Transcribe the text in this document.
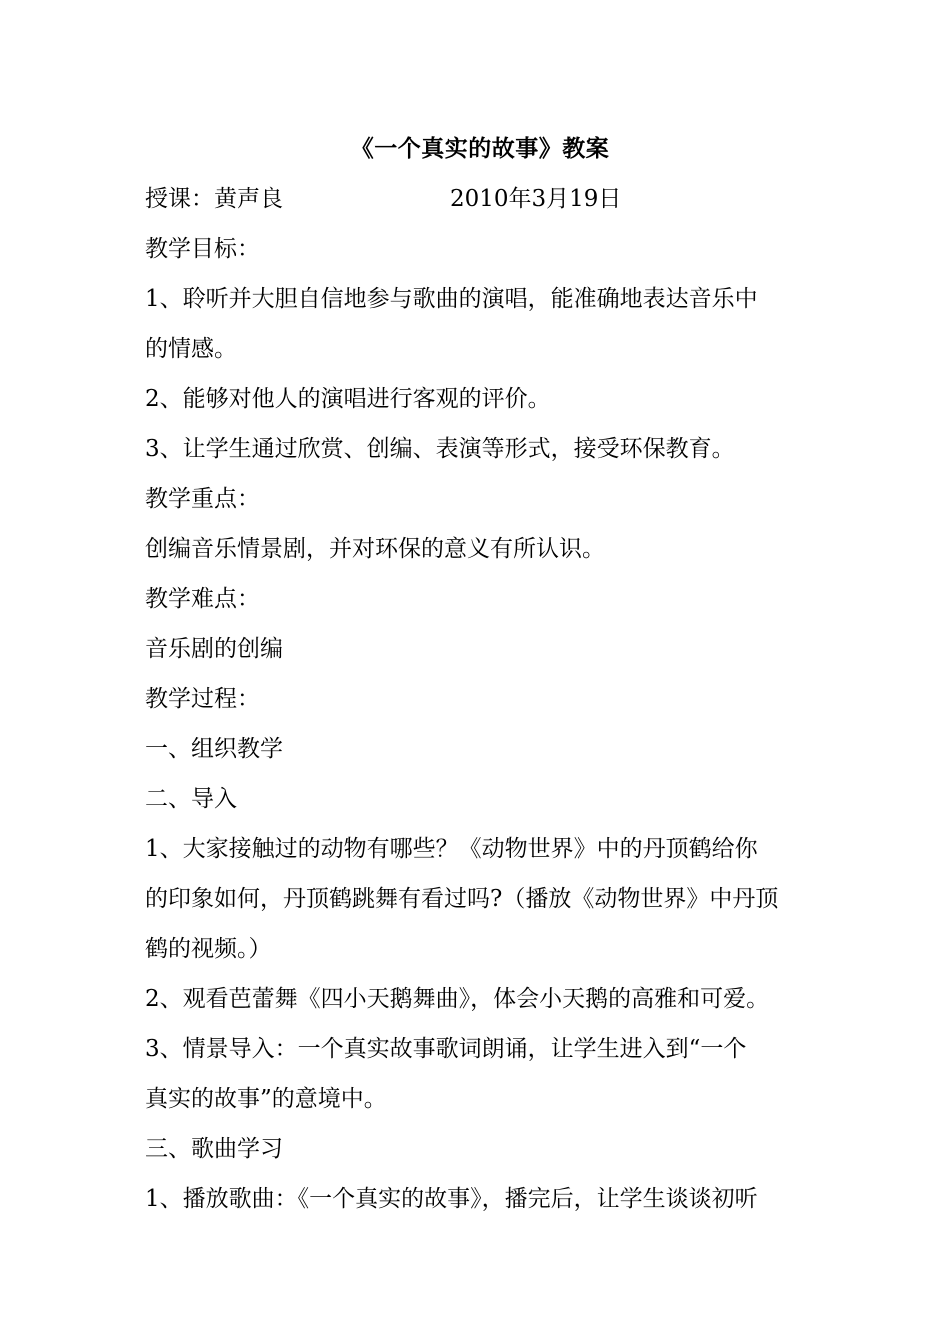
《一个真实的故事》教案

授课：黄声良	2010年3月19日

教学目标：

1、聆听并大胆自信地参与歌曲的演唱，能准确地表达音乐中

的情感。

2、能够对他人的演唱进行客观的评价。

3、让学生通过欣赏、创编、表演等形式，接受环保教育。

教学重点：

创编音乐情景剧，并对环保的意义有所认识。

教学难点：

音乐剧的创编

教学过程：

一、组织教学

二、导入

1、大家接触过的动物有哪些？《动物世界》中的丹顶鹤给你

的印象如何，丹顶鹤跳舞有看过吗?（播放《动物世界》中丹顶

鹤的视频。）

2、观看芭蕾舞《四小天鹅舞曲》，体会小天鹅的高雅和可爱。

3、情景导入：一个真实故事歌词朗诵，让学生进入到“一个

真实的故事”的意境中。

三、歌曲学习

1、播放歌曲：《一个真实的故事》，播完后，让学生谈谈初听
